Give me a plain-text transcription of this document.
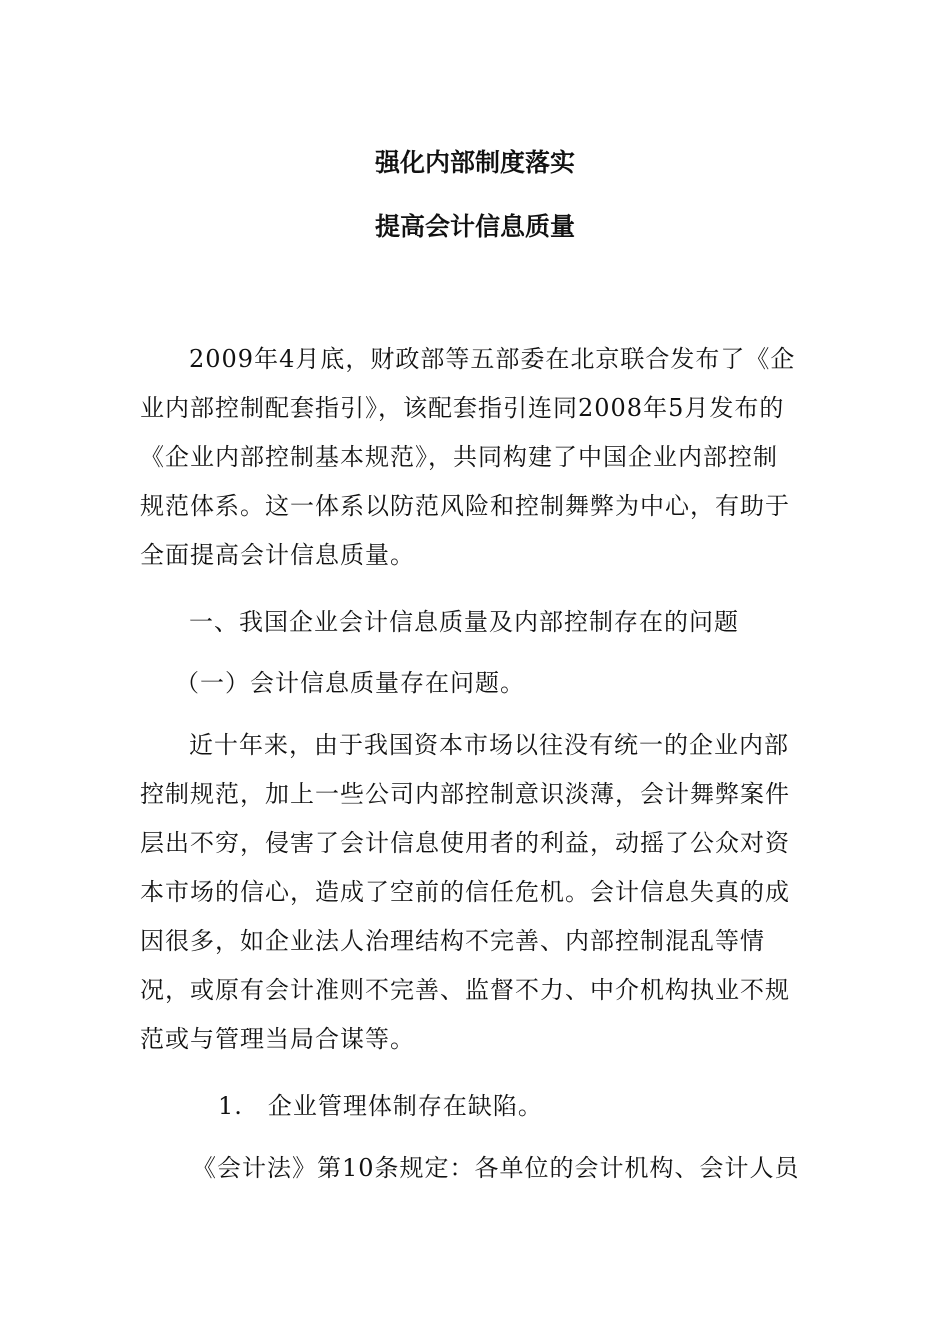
强化内部制度落实
提高会计信息质量
2009年4月底，财政部等五部委在北京联合发布了《企
业内部控制配套指引》，该配套指引连同2008年5月发布的
《企业内部控制基本规范》，共同构建了中国企业内部控制
规范体系。这一体系以防范风险和控制舞弊为中心，有助于
全面提高会计信息质量。
一、我国企业会计信息质量及内部控制存在的问题
（一）会计信息质量存在问题。
近十年来，由于我国资本市场以往没有统一的企业内部
控制规范，加上一些公司内部控制意识淡薄，会计舞弊案件
层出不穷，侵害了会计信息使用者的利益，动摇了公众对资
本市场的信心，造成了空前的信任危机。会计信息失真的成
因很多，如企业法人治理结构不完善、内部控制混乱等情
况，或原有会计准则不完善、监督不力、中介机构执业不规
范或与管理当局合谋等。
1.　企业管理体制存在缺陷。
《会计法》第10条规定：各单位的会计机构、会计人员
